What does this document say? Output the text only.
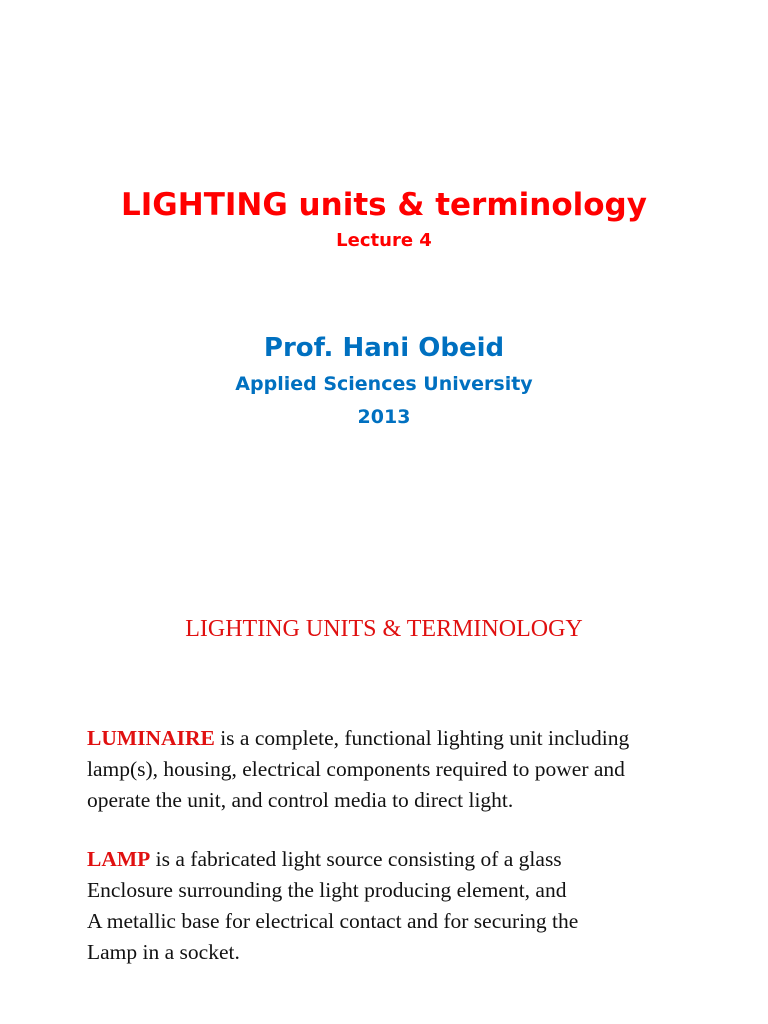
LIGHTING units & terminology
Lecture 4
Prof. Hani Obeid
Applied Sciences University
2013
LIGHTING UNITS & TERMINOLOGY
LUMINAIRE is a complete, functional lighting unit including
lamp(s), housing, electrical components required to power and
operate the unit, and control media to direct light.
LAMP is a fabricated light source consisting of a glass
Enclosure surrounding the light producing element, and
A metallic base for electrical contact and for securing the
Lamp in a socket.
